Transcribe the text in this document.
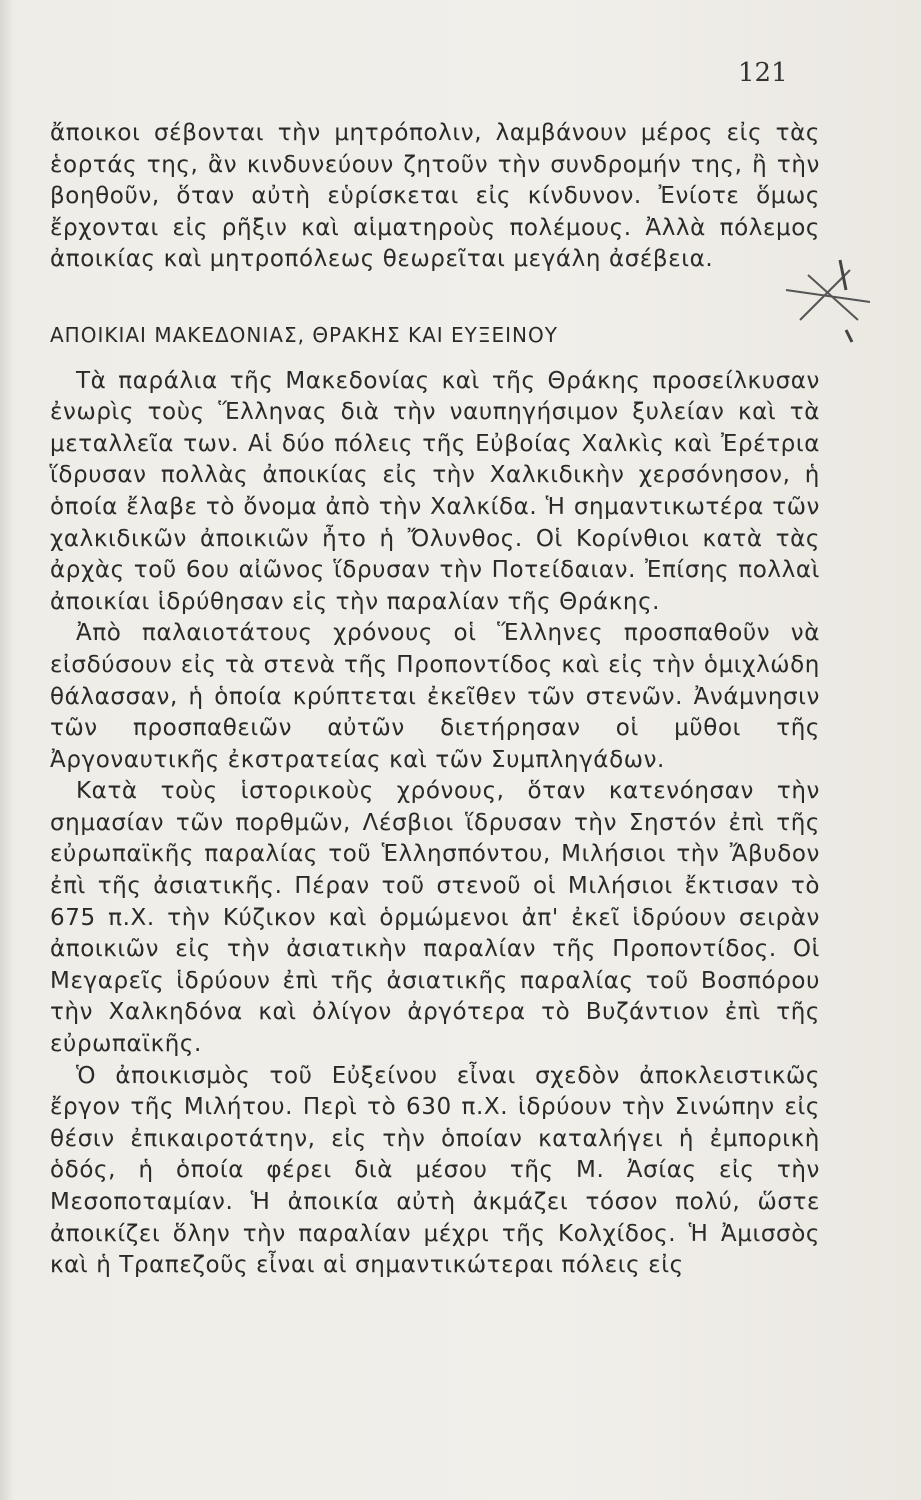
121

ἄποικοι σέβονται τὴν μητρόπολιν, λαμβάνουν μέρος εἰς τὰς ἑορτάς της, ἂν κινδυνεύουν ζητοῦν τὴν συνδρομήν της, ἢ τὴν βοηθοῦν, ὅταν αὐτὴ εὑρίσκεται εἰς κίνδυνον. Ἐνίοτε ὅμως ἔρχονται εἰς ρῆξιν καὶ αἱματηροὺς πολέμους. Ἀλλὰ πόλεμος ἀποικίας καὶ μητροπόλεως θεωρεῖται μεγάλη ἀσέβεια.

ΑΠΟΙΚΙΑΙ ΜΑΚΕΔΟΝΙΑΣ, ΘΡΑΚΗΣ ΚΑΙ ΕΥΞΕΙΝΟΥ

Τὰ παράλια τῆς Μακεδονίας καὶ τῆς Θράκης προσείλκυσαν ἐνωρὶς τοὺς Ἕλληνας διὰ τὴν ναυπηγήσιμον ξυλείαν καὶ τὰ μεταλλεῖα των. Αἱ δύο πόλεις τῆς Εὐβοίας Χαλκὶς καὶ Ἐρέτρια ἵδρυσαν πολλὰς ἀποικίας εἰς τὴν Χαλκιδικὴν χερσόνησον, ἡ ὁποία ἔλαβε τὸ ὄνομα ἀπὸ τὴν Χαλκίδα. Ἡ σημαντικωτέρα τῶν χαλκιδικῶν ἀποικιῶν ἦτο ἡ Ὄλυνθος. Οἱ Κορίνθιοι κατὰ τὰς ἀρχὰς τοῦ 6ου αἰῶνος ἵδρυσαν τὴν Ποτείδαιαν. Ἐπίσης πολλαὶ ἀποικίαι ἱδρύθησαν εἰς τὴν παραλίαν τῆς Θράκης.

Ἀπὸ παλαιοτάτους χρόνους οἱ Ἕλληνες προσπαθοῦν νὰ εἰσδύσουν εἰς τὰ στενὰ τῆς Προποντίδος καὶ εἰς τὴν ὁμιχλώδη θάλασσαν, ἡ ὁποία κρύπτεται ἐκεῖθεν τῶν στενῶν. Ἀνάμνησιν τῶν προσπαθειῶν αὐτῶν διετήρησαν οἱ μῦθοι τῆς Ἀργοναυτικῆς ἐκστρατείας καὶ τῶν Συμπληγάδων.

Κατὰ τοὺς ἱστορικοὺς χρόνους, ὅταν κατενόησαν τὴν σημασίαν τῶν πορθμῶν, Λέσβιοι ἵδρυσαν τὴν Σηστόν ἐπὶ τῆς εὐρωπαϊκῆς παραλίας τοῦ Ἑλλησπόντου, Μιλήσιοι τὴν Ἄβυδον ἐπὶ τῆς ἀσιατικῆς. Πέραν τοῦ στενοῦ οἱ Μιλήσιοι ἔκτισαν τὸ 675 π.Χ. τὴν Κύζικον καὶ ὁρμώμενοι ἀπ' ἐκεῖ ἱδρύουν σειρὰν ἀποικιῶν εἰς τὴν ἀσιατικὴν παραλίαν τῆς Προποντίδος. Οἱ Μεγαρεῖς ἱδρύουν ἐπὶ τῆς ἀσιατικῆς παραλίας τοῦ Βοσπόρου τὴν Χαλκηδόνα καὶ ὀλίγον ἀργότερα τὸ Βυζάντιον ἐπὶ τῆς εὐρωπαϊκῆς.

Ὁ ἀποικισμὸς τοῦ Εὐξείνου εἶναι σχεδὸν ἀποκλειστικῶς ἔργον τῆς Μιλήτου. Περὶ τὸ 630 π.Χ. ἱδρύουν τὴν Σινώπην εἰς θέσιν ἐπικαιροτάτην, εἰς τὴν ὁποίαν καταλήγει ἡ ἐμπορικὴ ὁδός, ἡ ὁποία φέρει διὰ μέσου τῆς Μ. Ἀσίας εἰς τὴν Μεσοποταμίαν. Ἡ ἀποικία αὐτὴ ἀκμάζει τόσον πολύ, ὥστε ἀποικίζει ὅλην τὴν παραλίαν μέχρι τῆς Κολχίδος. Ἡ Ἀμισσὸς καὶ ἡ Τραπεζοῦς εἶναι αἱ σημαντικώτεραι πόλεις εἰς
